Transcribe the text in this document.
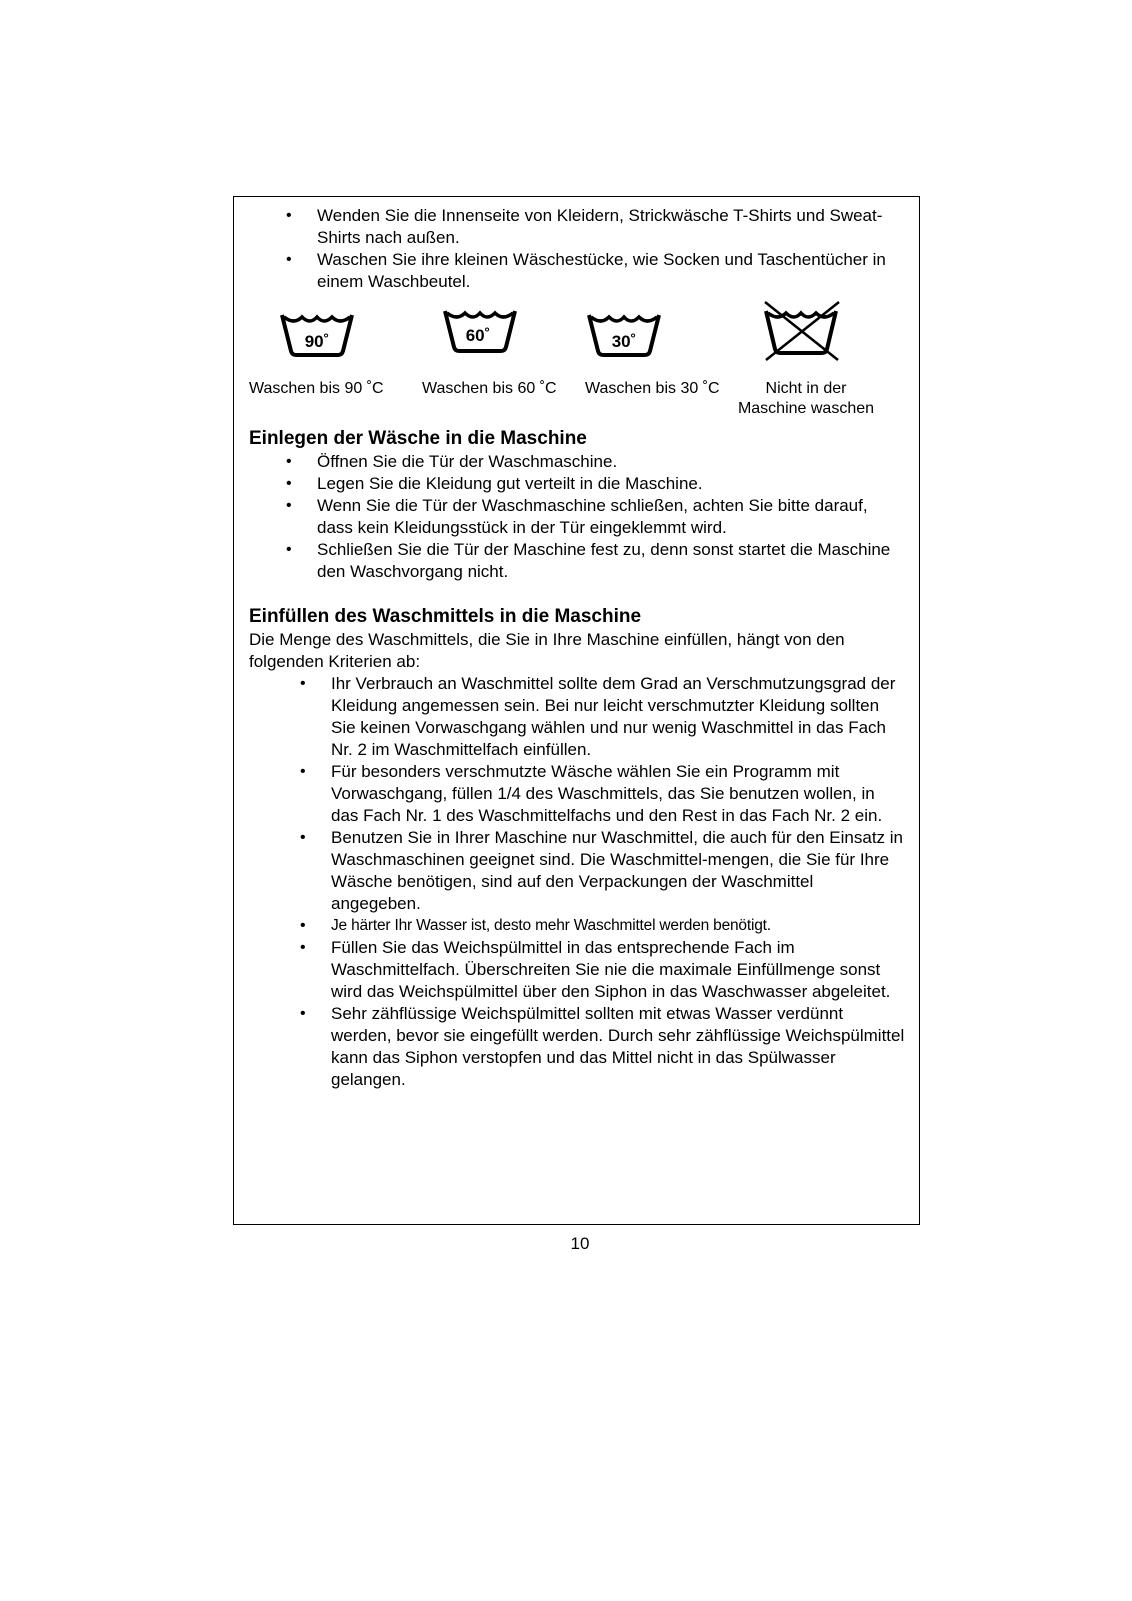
• Wenden Sie die Innenseite von Kleidern, Strickwäsche T-Shirts und Sweat-Shirts nach außen.
• Waschen Sie ihre kleinen Wäschestücke, wie Socken und Taschentücher in einem Waschbeutel.
90˚	60˚	30˚
Waschen bis 90 ˚C Waschen bis 60 ˚C Waschen bis 30 ˚C	Nicht in der
Maschine waschen
Einlegen der Wäsche in die Maschine
• Öffnen Sie die Tür der Waschmaschine.
• Legen Sie die Kleidung gut verteilt in die Maschine.
• Wenn Sie die Tür der Waschmaschine schließen, achten Sie bitte darauf, dass kein Kleidungsstück in der Tür eingeklemmt wird.
• Schließen Sie die Tür der Maschine fest zu, denn sonst startet die Maschine den Waschvorgang nicht.
Einfüllen des Waschmittels in die Maschine

Die Menge des Waschmittels, die Sie in Ihre Maschine einfüllen, hängt von den folgenden Kriterien ab:

• Ihr Verbrauch an Waschmittel sollte dem Grad an Verschmutzungsgrad der Kleidung angemessen sein. Bei nur leicht verschmutzter Kleidung sollten Sie keinen Vorwaschgang wählen und nur wenig Waschmittel in das Fach Nr. 2 im Waschmittelfach einfüllen.
• Für besonders verschmutzte Wäsche wählen Sie ein Programm mit Vorwaschgang, füllen 1/4 des Waschmittels, das Sie benutzen wollen, in das Fach Nr. 1 des Waschmittelfachs und den Rest in das Fach Nr. 2 ein.
• Benutzen Sie in Ihrer Maschine nur Waschmittel, die auch für den Einsatz in Waschmaschinen geeignet sind. Die Waschmittel-mengen, die Sie für Ihre Wäsche benötigen, sind auf den Verpackungen der Waschmittel angegeben.
• Je härter Ihr Wasser ist, desto mehr Waschmittel werden benötigt.
• Füllen Sie das Weichspülmittel in das entsprechende Fach im Waschmittelfach. Überschreiten Sie nie die maximale Einfüllmenge sonst wird das Weichspülmittel über den Siphon in das Waschwasser abgeleitet.
• Sehr zähflüssige Weichspülmittel sollten mit etwas Wasser verdünnt werden, bevor sie eingefüllt werden. Durch sehr zähflüssige Weichspülmittel kann das Siphon verstopfen und das Mittel nicht in das Spülwasser gelangen.
10
